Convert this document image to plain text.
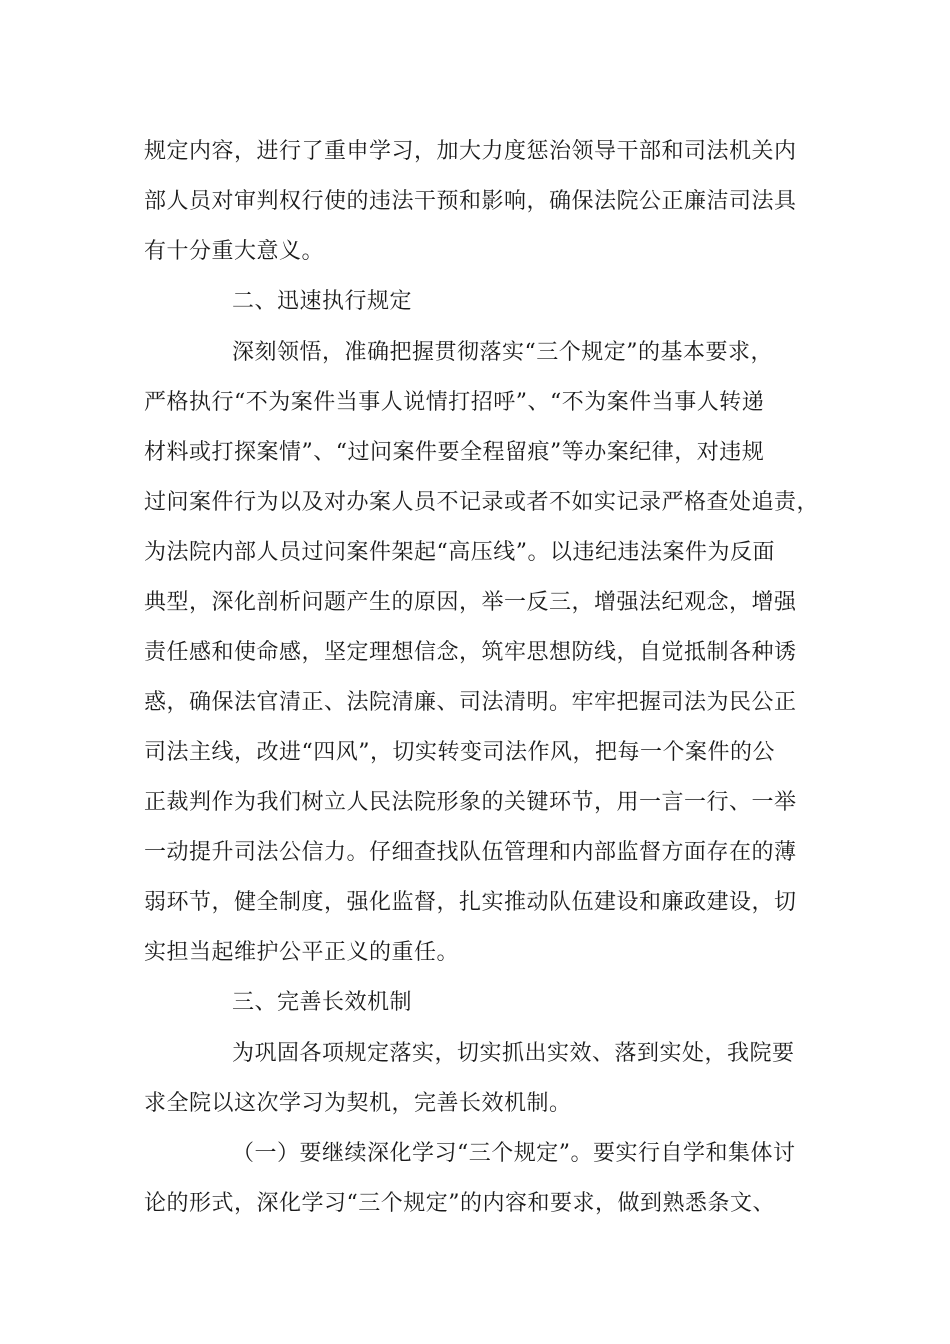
规定内容，进行了重申学习，加大力度惩治领导干部和司法机关内
部人员对审判权行使的违法干预和影响，确保法院公正廉洁司法具
有十分重大意义。
二、迅速执行规定
深刻领悟，准确把握贯彻落实“三个规定”的基本要求，
严格执行“不为案件当事人说情打招呼”、“不为案件当事人转递
材料或打探案情”、“过问案件要全程留痕”等办案纪律，对违规
过问案件行为以及对办案人员不记录或者不如实记录严格查处追责，
为法院内部人员过问案件架起“高压线”。以违纪违法案件为反面
典型，深化剖析问题产生的原因，举一反三，增强法纪观念，增强
责任感和使命感，坚定理想信念，筑牢思想防线，自觉抵制各种诱
惑，确保法官清正、法院清廉、司法清明。牢牢把握司法为民公正
司法主线，改进“四风”，切实转变司法作风，把每一个案件的公
正裁判作为我们树立人民法院形象的关键环节，用一言一行、一举
一动提升司法公信力。仔细查找队伍管理和内部监督方面存在的薄
弱环节，健全制度，强化监督，扎实推动队伍建设和廉政建设，切
实担当起维护公平正义的重任。
三、完善长效机制
为巩固各项规定落实，切实抓出实效、落到实处，我院要
求全院以这次学习为契机，完善长效机制。
（一）要继续深化学习“三个规定”。要实行自学和集体讨
论的形式，深化学习“三个规定”的内容和要求，做到熟悉条文、
